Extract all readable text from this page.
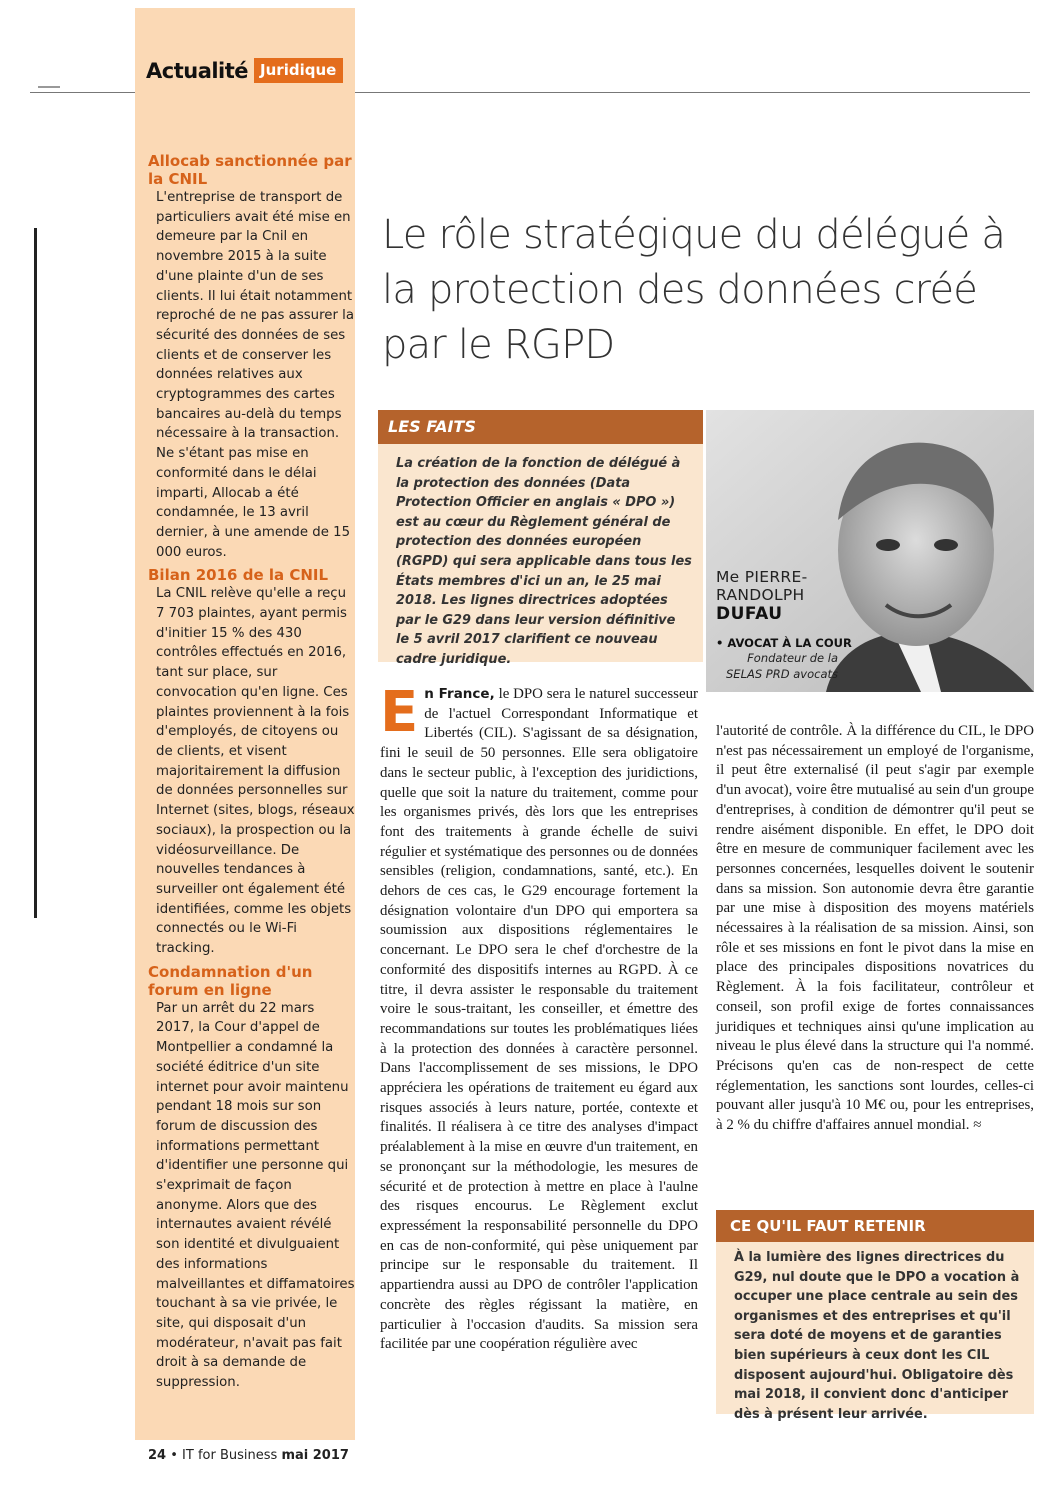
Actualité Juridique

Allocab sanctionnée par la CNIL

L'entreprise de transport de particuliers avait été mise en demeure par la Cnil en novembre 2015 à la suite d'une plainte d'un de ses clients. Il lui était notamment reproché de ne pas assurer la sécurité des données de ses clients et de conserver les données relatives aux cryptogrammes des cartes bancaires au-delà du temps nécessaire à la transaction. Ne s'étant pas mise en conformité dans le délai imparti, Allocab a été condamnée, le 13 avril dernier, à une amende de 15 000 euros.

Bilan 2016 de la CNIL

La CNIL relève qu'elle a reçu 7 703 plaintes, ayant permis d'initier 15 % des 430 contrôles effectués en 2016, tant sur place, sur convocation qu'en ligne. Ces plaintes proviennent à la fois d'employés, de citoyens ou de clients, et visent majoritairement la diffusion de données personnelles sur Internet (sites, blogs, réseaux sociaux), la prospection ou la vidéosurveillance. De nouvelles tendances à surveiller ont également été identifiées, comme les objets connectés ou le Wi-Fi tracking.

Condamnation d'un forum en ligne

Par un arrêt du 22 mars 2017, la Cour d'appel de Montpellier a condamné la société éditrice d'un site internet pour avoir maintenu pendant 18 mois sur son forum de discussion des informations permettant d'identifier une personne qui s'exprimait de façon anonyme. Alors que des internautes avaient révélé son identité et divulguaient des informations malveillantes et diffamatoires touchant à sa vie privée, le site, qui disposait d'un modérateur, n'avait pas fait droit à sa demande de suppression.

24 • IT for Business mai 2017
Le rôle stratégique du délégué à la protection des données créé par le RGPD
LES FAITS
La création de la fonction de délégué à la protection des données (Data Protection Officier en anglais « DPO ») est au cœur du Règlement général de protection des données européen (RGPD) qui sera applicable dans tous les États membres d'ici un an, le 25 mai 2018. Les lignes directrices adoptées par le G29 dans leur version définitive le 5 avril 2017 clarifient ce nouveau cadre juridique.
Me PIERRE-
RANDOLPH
DUFAU
• AVOCAT À LA COUR
Fondateur de la SELAS PRD avocats
En France, le DPO sera le naturel successeur de l'actuel Correspondant Informatique et Libertés (CIL). S'agissant de sa désignation, fini le seuil de 50 personnes. Elle sera obligatoire dans le secteur public, à l'exception des juridictions, quelle que soit la nature du traitement, comme pour les organismes privés, dès lors que les entreprises font des traitements à grande échelle de suivi régulier et systématique des personnes ou de données sensibles (religion, condamnations, santé, etc.). En dehors de ces cas, le G29 encourage fortement la désignation volontaire d'un DPO qui emportera sa soumission aux dispositions réglementaires le concernant. Le DPO sera le chef d'orchestre de la conformité des dispositifs internes au RGPD. À ce titre, il devra assister le responsable du traitement voire le sous-traitant, les conseiller, et émettre des recommandations sur toutes les problématiques liées à la protection des données à caractère personnel. Dans l'accomplissement de ses missions, le DPO appréciera les opérations de traitement eu égard aux risques associés à leurs nature, portée, contexte et finalités. Il réalisera à ce titre des analyses d'impact préalablement à la mise en œuvre d'un traitement, en se prononçant sur la méthodologie, les mesures de sécurité et de protection à mettre en place à l'aulne des risques encourus. Le Règlement exclut expressément la responsabilité personnelle du DPO en cas de non-conformité, qui pèse uniquement par principe sur le responsable du traitement. Il appartiendra aussi au DPO de contrôler l'application concrète des règles régissant la matière, en particulier à l'occasion d'audits. Sa mission sera facilitée par une coopération régulière avec

l'autorité de contrôle. À la différence du CIL, le DPO n'est pas nécessairement un employé de l'organisme, il peut être externalisé (il peut s'agir par exemple d'un avocat), voire être mutualisé au sein d'un groupe d'entreprises, à condition de démontrer qu'il peut se rendre aisément disponible. En effet, le DPO doit être en mesure de communiquer facilement avec les personnes concernées, lesquelles doivent le soutenir dans sa mission. Son autonomie devra être garantie par une mise à disposition des moyens matériels nécessaires à la réalisation de sa mission. Ainsi, son rôle et ses missions en font le pivot dans la mise en place des principales dispositions novatrices du Règlement. À la fois facilitateur, contrôleur et conseil, son profil exige de fortes connaissances juridiques et techniques ainsi qu'une implication au niveau le plus élevé dans la structure qui l'a nommé. Précisons qu'en cas de non-respect de cette réglementation, les sanctions sont lourdes, celles-ci pouvant aller jusqu'à 10 M€ ou, pour les entreprises, à 2 % du chiffre d'affaires annuel mondial. ≈

CE QU'IL FAUT RETENIR
À la lumière des lignes directrices du G29, nul doute que le DPO a vocation à occuper une place centrale au sein des organismes et des entreprises et qu'il sera doté de moyens et de garanties bien supérieurs à ceux dont les CIL disposent aujourd'hui. Obligatoire dès mai 2018, il convient donc d'anticiper dès à présent leur arrivée.
